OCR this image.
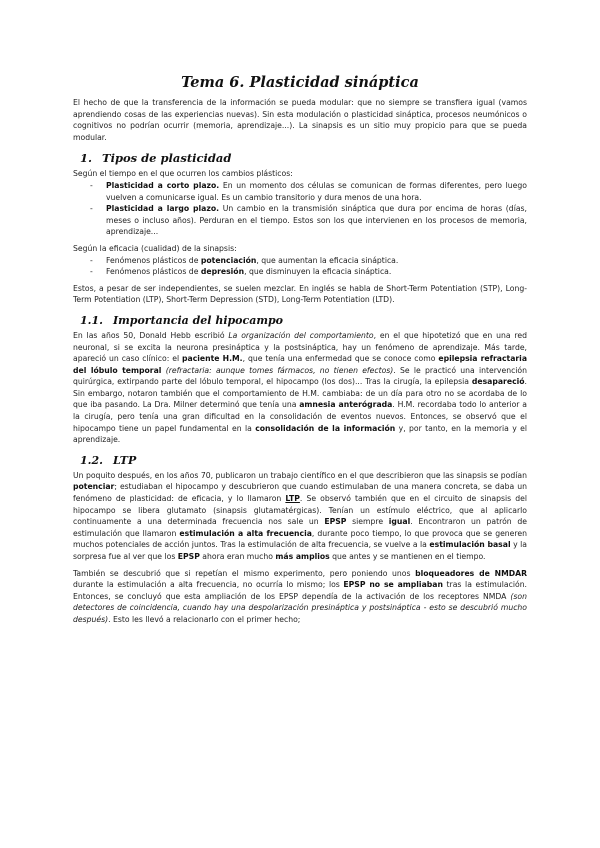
Tema 6. Plasticidad sináptica

El hecho de que la transferencia de la información se pueda modular: que no siempre se transfiera igual (vamos aprendiendo cosas de las experiencias nuevas). Sin esta modulación o plasticidad sináptica, procesos neumónicos o cognitivos no podrían ocurrir (memoria, aprendizaje...). La sinapsis es un sitio muy propicio para que se pueda modular.

1. Tipos de plasticidad

Según el tiempo en el que ocurren los cambios plásticos:

- Plasticidad a corto plazo. En un momento dos células se comunican de formas diferentes, pero luego vuelven a comunicarse igual. Es un cambio transitorio y dura menos de una hora.
- Plasticidad a largo plazo. Un cambio en la transmisión sináptica que dura por encima de horas (días, meses o incluso años). Perduran en el tiempo. Estos son los que intervienen en los procesos de memoria, aprendizaje...

Según la eficacia (cualidad) de la sinapsis:

- Fenómenos plásticos de potenciación, que aumentan la eficacia sináptica.
- Fenómenos plásticos de depresión, que disminuyen la eficacia sináptica.

Estos, a pesar de ser independientes, se suelen mezclar. En inglés se habla de Short-Term Potentiation (STP), Long-Term Potentiation (LTP), Short-Term Depression (STD), Long-Term Potentiation (LTD).

1.1. Importancia del hipocampo

En las años 50, Donald Hebb escribió La organización del comportamiento, en el que hipotetizó que en una red neuronal, si se excita la neurona presináptica y la postsináptica, hay un fenómeno de aprendizaje. Más tarde, apareció un caso clínico: el paciente H.M., que tenía una enfermedad que se conoce como epilepsia refractaria del lóbulo temporal (refractaria: aunque tomes fármacos, no tienen efectos). Se le practicó una intervención quirúrgica, extirpando parte del lóbulo temporal, el hipocampo (los dos)... Tras la cirugía, la epilepsia desapareció. Sin embargo, notaron también que el comportamiento de H.M. cambiaba: de un día para otro no se acordaba de lo que iba pasando. La Dra. Milner determinó que tenía una amnesia anterógrada. H.M. recordaba todo lo anterior a la cirugía, pero tenía una gran dificultad en la consolidación de eventos nuevos. Entonces, se observó que el hipocampo tiene un papel fundamental en la consolidación de la información y, por tanto, en la memoria y el aprendizaje.

1.2. LTP

Un poquito después, en los años 70, publicaron un trabajo científico en el que describieron que las sinapsis se podían potenciar; estudiaban el hipocampo y descubrieron que cuando estimulaban de una manera concreta, se daba un fenómeno de plasticidad: de eficacia, y lo llamaron LTP. Se observó también que en el circuito de sinapsis del hipocampo se libera glutamato (sinapsis glutamatérgicas). Tenían un estímulo eléctrico, que al aplicarlo continuamente a una determinada frecuencia nos sale un EPSP siempre igual. Encontraron un patrón de estimulación que llamaron estimulación a alta frecuencia, durante poco tiempo, lo que provoca que se generen muchos potenciales de acción juntos. Tras la estimulación de alta frecuencia, se vuelve a la estimulación basal y la sorpresa fue al ver que los EPSP ahora eran mucho más amplios que antes y se mantienen en el tiempo.

También se descubrió que si repetían el mismo experimento, pero poniendo unos bloqueadores de NMDAR durante la estimulación a alta frecuencia, no ocurría lo mismo; los EPSP no se ampliaban tras la estimulación. Entonces, se concluyó que esta ampliación de los EPSP dependía de la activación de los receptores NMDA (son detectores de coincidencia, cuando hay una despolarización presináptica y postsináptica - esto se descubrió mucho después). Esto les llevó a relacionarlo con el primer hecho;
